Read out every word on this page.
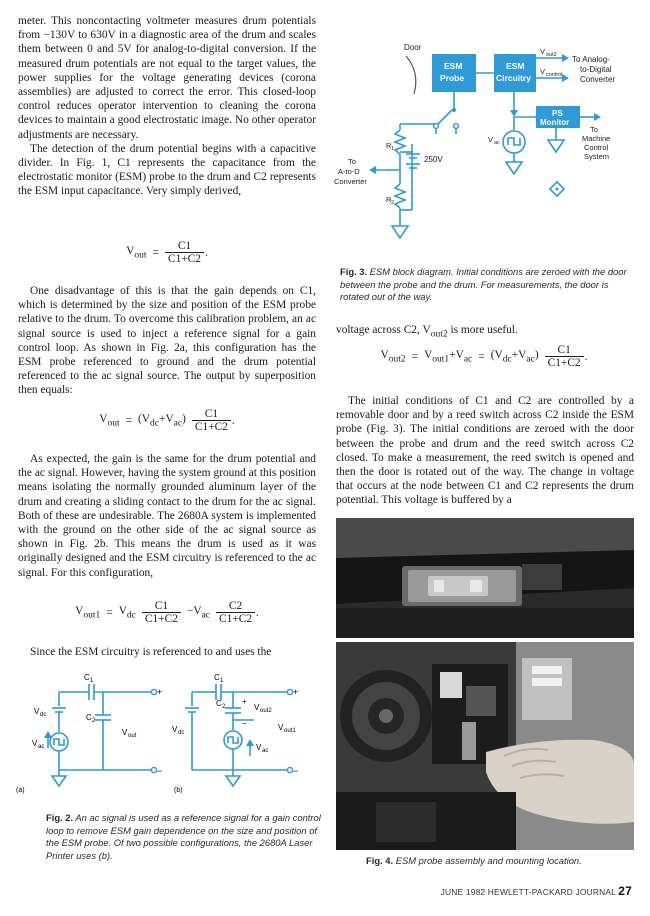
meter. This noncontacting voltmeter measures drum potentials from −130V to 630V in a diagnostic area of the drum and scales them between 0 and 5V for analog-to-digital conversion. If the measured drum potentials are not equal to the target values, the power supplies for the voltage generating devices (corona assemblies) are adjusted to correct the error. This closed-loop control reduces operator intervention to cleaning the corona devices to maintain a good electrostatic image. No other operator adjustments are necessary.

The detection of the drum potential begins with a capacitive divider. In Fig. 1, C1 represents the capacitance from the electrostatic monitor (ESM) probe to the drum and C2 represents the ESM input capacitance. Very simply derived,

$V_{out} = \frac{C1}{C1+C2}$ .

One disadvantage of this is that the gain depends on C1, which is determined by the size and position of the ESM probe relative to the drum. To overcome this calibration problem, an ac signal source is used to inject a reference signal for a gain control loop. As shown in Fig. 2a, this configuration has the ESM probe referenced to ground and the drum potential referenced to the ac signal source. The output by superposition then equals:

$V_{out} = (V_{dc}+V_{ac}) \frac{C1}{C1+C2}$ .

As expected, the gain is the same for the drum potential and the ac signal. However, having the system ground at this position means isolating the normally grounded aluminum layer of the drum and creating a sliding contact to the drum for the ac signal. Both of these are undesirable. The 2680A system is implemented with the ground on the other side of the ac signal source as shown in Fig. 2b. This means the drum is used as it was originally designed and the ESM circuitry is referenced to the ac signal. For this configuration,

$V_{out1} = V_{dc} \frac{C1}{C1+C2} -V_{ac} \frac{C2}{C1+C2}$ .

Since the ESM circuitry is referenced to and uses the

C 1
C 2
V dc
V ac
V out
+
−
(a)
C 1
C 2
+
−
V out2
V dc
V ac
V out1
+
−
(b)
Fig. 2. An ac signal is used as a reference signal for a gain control loop to remove ESM gain dependence on the size and position of the ESM probe. Of two possible configurations, the 2680A Laser Printer uses (b).
Door
ESM
Probe
ESM
Circuitry
V out2
V control
To Analog-
to-Digital
Converter
PS
Monitor
To
Machine
Control
System
V ac
R 1
R 2
250V
To
A-to-D
Converter
Fig. 3. ESM block diagram. Initial conditions are zeroed with the door between the probe and the drum. For measurements, the door is rotated out of the way.
voltage across C2, $V_{out2}$ is more useful.
$V_{out2} = V_{out1}+V_{ac} = (V_{dc}+V_{ac}) \frac{C1}{C1+C2}$ .

The initial conditions of C1 and C2 are controlled by a removable door and by a reed switch across C2 inside the ESM probe (Fig. 3). The initial conditions are zeroed with the door between the probe and drum and the reed switch across C2 closed. To make a measurement, the reed switch is opened and then the door is rotated out of the way. The change in voltage that occurs at the node between C1 and C2 represents the drum potential. This voltage is buffered by a

Fig. 4. ESM probe assembly and mounting location.
JUNE 1982 HEWLETT-PACKARD JOURNAL 27
